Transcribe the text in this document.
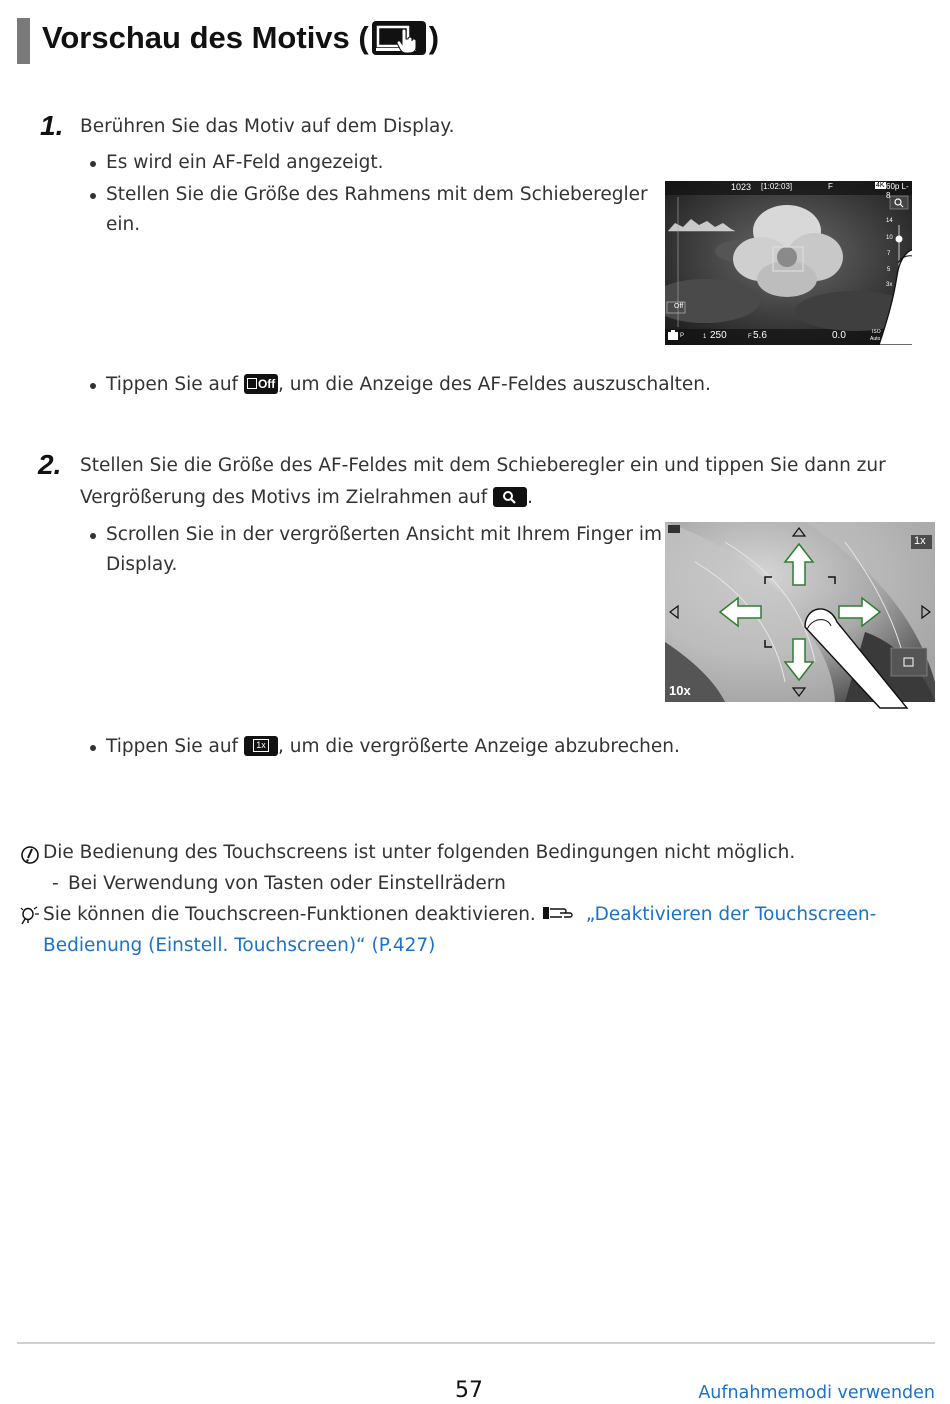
Vorschau des Motivs ( )
1. Berühren Sie das Motiv auf dem Display.
Es wird ein AF-Feld angezeigt.
Stellen Sie die Größe des Rahmens mit dem Schieberegler
ein.
1023 [1:02:03]	F	4K 60p L-8
14
10
7
5
3x
Off
P	1 250	F 5.6	0.0	ISO
Auto 200
Tippen Sie auf Off , um die Anzeige des AF-Feldes auszuschalten.
2. Stellen Sie die Größe des AF-Feldes mit dem Schieberegler ein und tippen Sie dann zur
Vergrößerung des Motivs im Zielrahmen auf .
Scrollen Sie in der vergrößerten Ansicht mit Ihrem Finger im
Display.
1x
10x
Tippen Sie auf	1x , um die vergrößerte Anzeige abzubrechen.
Die Bedienung des Touchscreens ist unter folgenden Bedingungen nicht möglich.
- Bei Verwendung von Tasten oder Einstellrädern
Sie können die Touchscreen-Funktionen deaktivieren. „Deaktivieren der Touchscreen-
Bedienung (Einstell. Touchscreen)“ (P.427)
57	Aufnahmemodi verwenden
